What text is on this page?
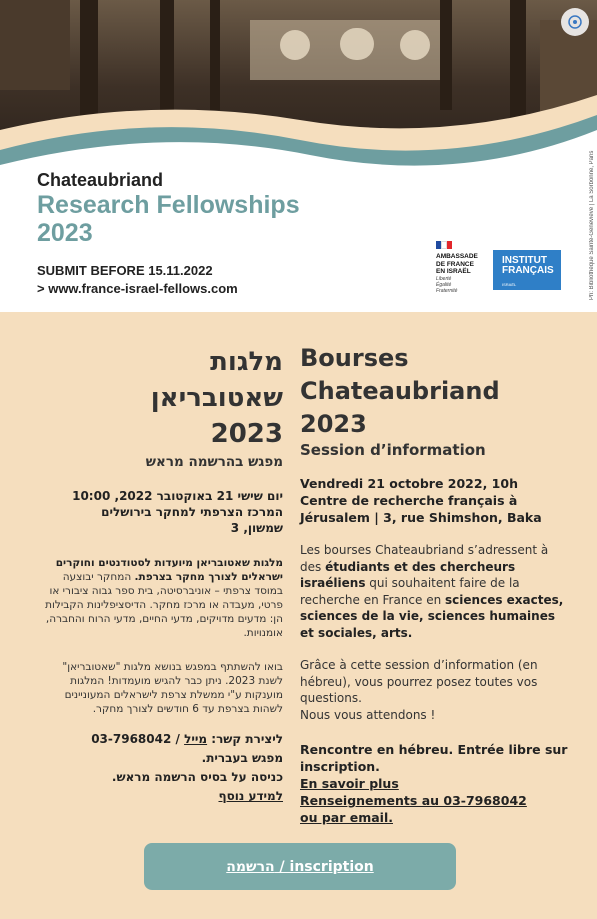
Ph: Bibliothèque Sainte-Geneviève | La Sorbonne, Paris
Chateaubriand
Research Fellowships
2023
SUBMIT BEFORE 15.11.2022
> www.france-israel-fellows.com
AMBASSADE
DE FRANCE
EN ISRAËL
Liberté
Égalité
Fraternité
INSTITUT
FRANÇAIS
ISRAËL
מלגות
שאטובריאן
2023
מפגש בהרשמה מראש
יום שישי 21 באוקטובר 2022, 10:00
המרכז הצרפתי למחקר בירושלים
שמשון, 3
מלגות שאטובריאן מיועדות לסטודנטים וחוקרים ישראלים לצורך מחקר בצרפת. המחקר יבוצעה במוסד צרפתי – אוניברסיטה, בית ספר גבוה ציבורי או פרטי, מעבדה או מרכז מחקר. הדיסציפלינות הקבילות הן: מדעים מדויקים, מדעי החיים, מדעי הרוח והחברה, אומנויות.
בואו להשתתף במפגש בנושא מלגות "שאטובריאן" לשנת 2023. ניתן כבר להגיש מועמדות! המלגות מוענקות ע"י ממשלת צרפת לישראלים המעוניינים לשהות בצרפת עד 6 חודשים לצורך מחקר.
ליצירת קשר: מייל / 03-7968042
מפגש בעברית.
כניסה על בסיס הרשמה מראש.
למידע נוסף
Bourses
Chateaubriand
2023
Session d’information
Vendredi 21 octobre 2022, 10h
Centre de recherche français à
Jérusalem | 3, rue Shimshon, Baka
Les bourses Chateaubriand s’adressent à des étudiants et des chercheurs israéliens qui souhaitent faire de la recherche en France en sciences exactes, sciences de la vie, sciences humaines et sociales, arts.
Grâce à cette session d’information (en hébreu), vous pourrez posez toutes vos questions.
Nous vous attendons !
Rencontre en hébreu. Entrée libre sur inscription.
En savoir plus
Renseignements au 03-7968042
ou par email.
הרשמה / inscription
